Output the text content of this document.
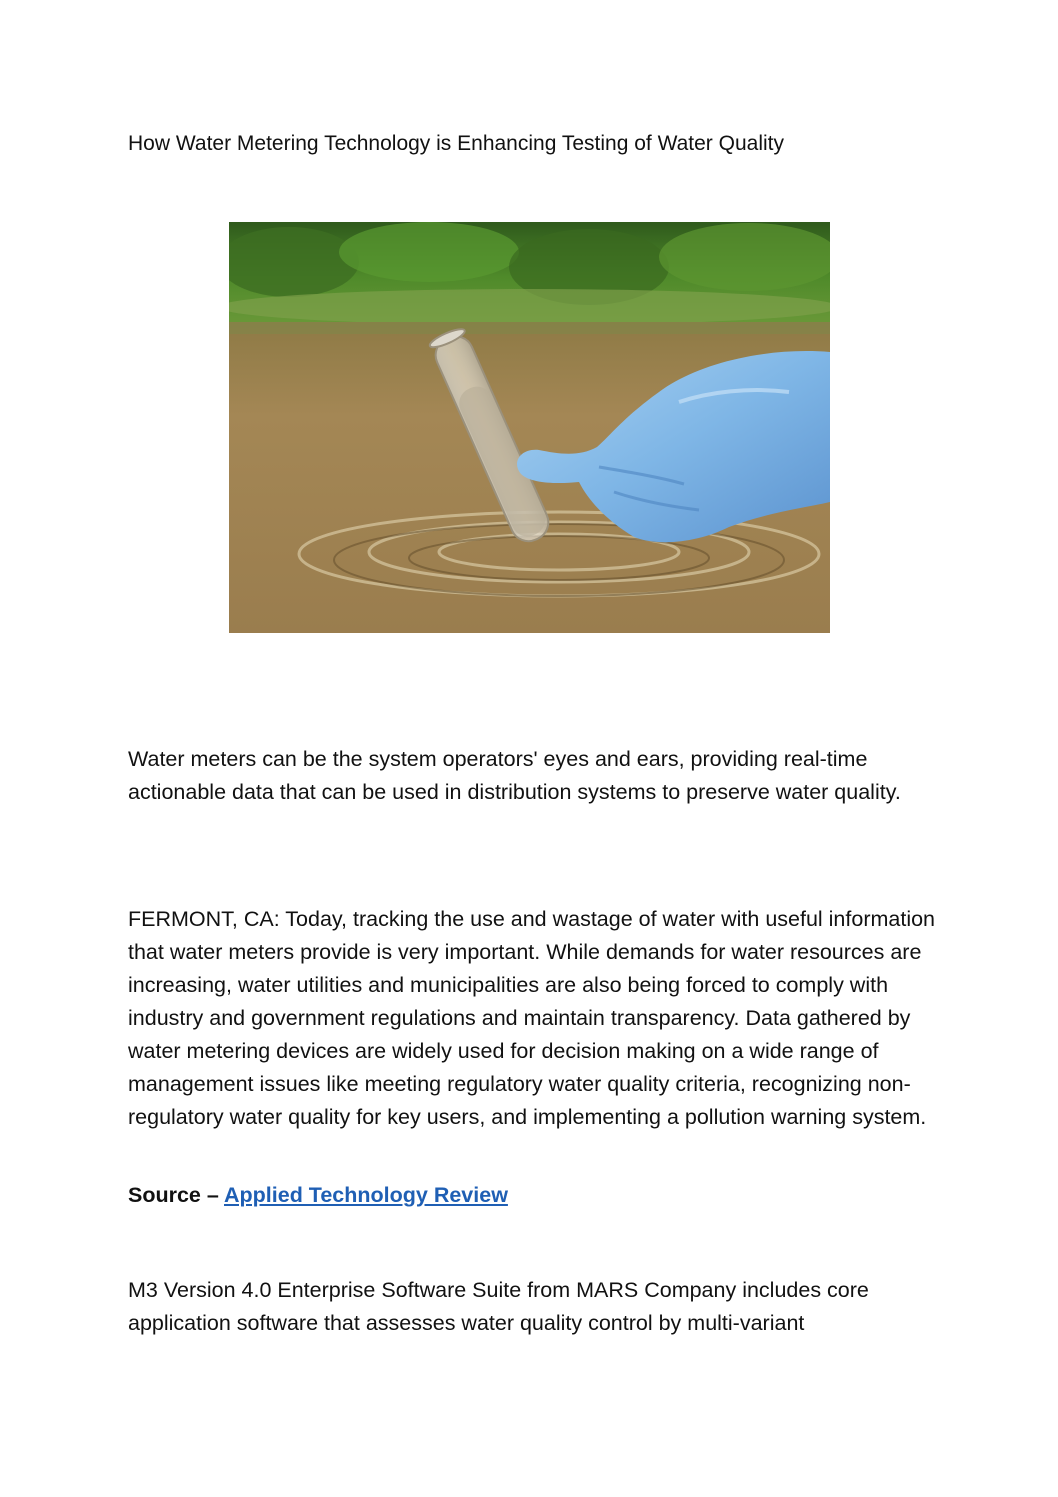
How Water Metering Technology is Enhancing Testing of Water Quality

Water meters can be the system operators' eyes and ears, providing real-time actionable data that can be used in distribution systems to preserve water quality.

FERMONT, CA: Today, tracking the use and wastage of water with useful information that water meters provide is very important. While demands for water resources are increasing, water utilities and municipalities are also being forced to comply with industry and government regulations and maintain transparency. Data gathered by water metering devices are widely used for decision making on a wide range of management issues like meeting regulatory water quality criteria, recognizing non-regulatory water quality for key users, and implementing a pollution warning system.

Source – Applied Technology Review

M3 Version 4.0 Enterprise Software Suite from MARS Company includes core application software that assesses water quality control by multi-variant
